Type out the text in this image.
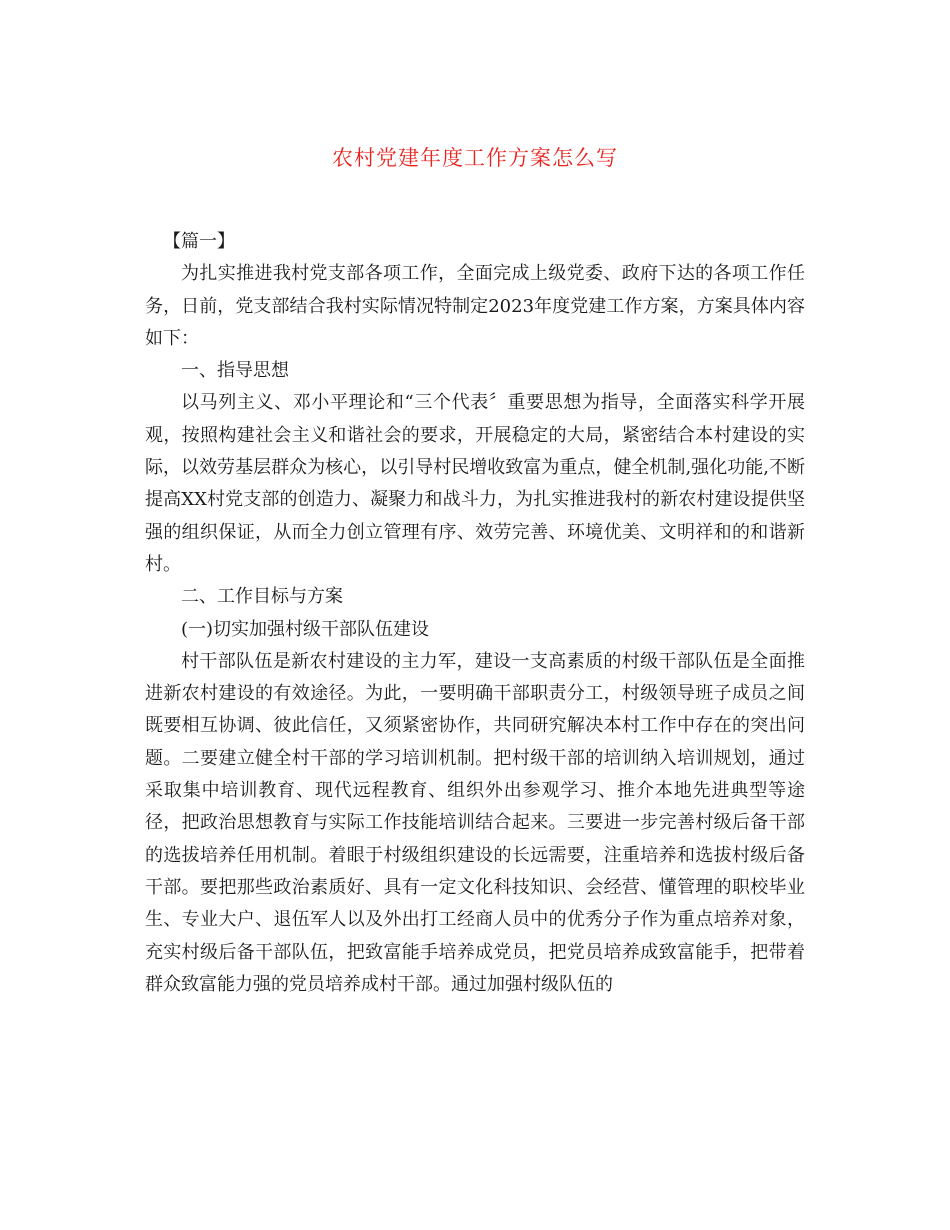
农村党建年度工作方案怎么写

【篇一】

为扎实推进我村党支部各项工作，全面完成上级党委、政府下达的各项工作任务，日前，党支部结合我村实际情况特制定2023年度党建工作方案，方案具体内容如下：

一、指导思想

以马列主义、邓小平理论和“三个代表〞重要思想为指导，全面落实科学开展观，按照构建社会主义和谐社会的要求，开展稳定的大局，紧密结合本村建设的实际，以效劳基层群众为核心，以引导村民增收致富为重点，健全机制,强化功能,不断提高XX村党支部的创造力、凝聚力和战斗力，为扎实推进我村的新农村建设提供坚强的组织保证，从而全力创立管理有序、效劳完善、环境优美、文明祥和的和谐新村。

二、工作目标与方案

(一)切实加强村级干部队伍建设

村干部队伍是新农村建设的主力军，建设一支高素质的村级干部队伍是全面推进新农村建设的有效途径。为此，一要明确干部职责分工，村级领导班子成员之间既要相互协调、彼此信任，又须紧密协作，共同研究解决本村工作中存在的突出问题。二要建立健全村干部的学习培训机制。把村级干部的培训纳入培训规划，通过采取集中培训教育、现代远程教育、组织外出参观学习、推介本地先进典型等途径，把政治思想教育与实际工作技能培训结合起来。三要进一步完善村级后备干部的选拔培养任用机制。着眼于村级组织建设的长远需要，注重培养和选拔村级后备干部。要把那些政治素质好、具有一定文化科技知识、会经营、懂管理的职校毕业生、专业大户、退伍军人以及外出打工经商人员中的优秀分子作为重点培养对象，充实村级后备干部队伍，把致富能手培养成党员，把党员培养成致富能手，把带着群众致富能力强的党员培养成村干部。通过加强村级队伍的
